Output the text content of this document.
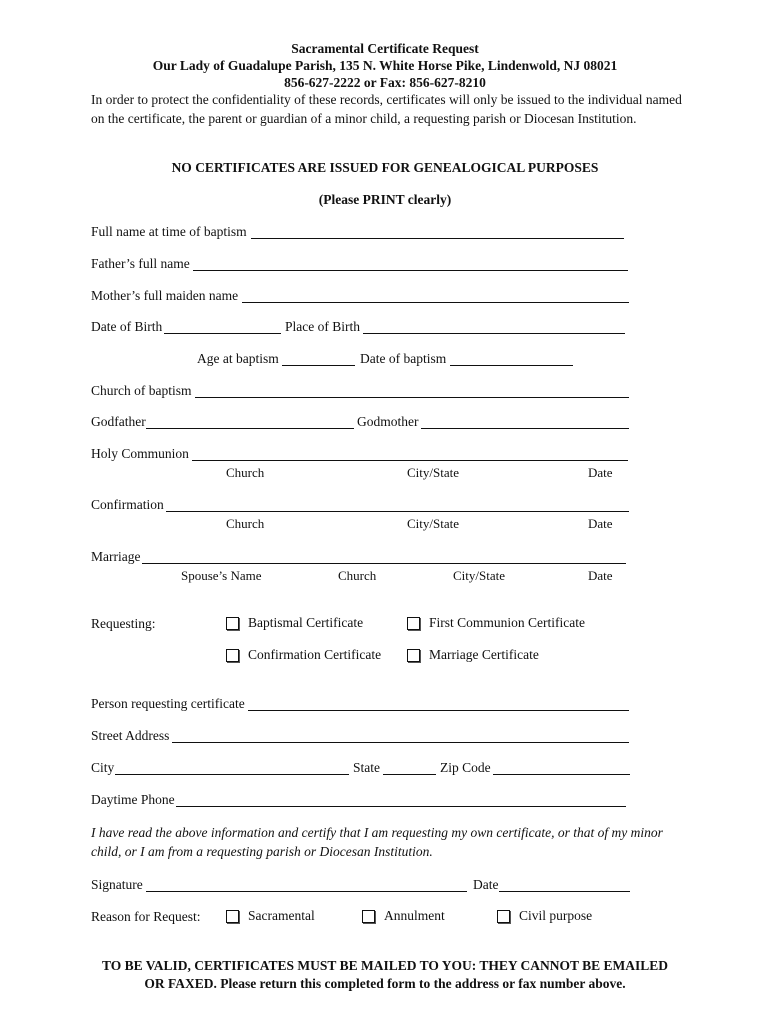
Sacramental Certificate Request
Our Lady of Guadalupe Parish, 135 N. White Horse Pike, Lindenwold, NJ 08021
856-627-2222 or Fax: 856-627-8210
In order to protect the confidentiality of these records, certificates will only be issued to the individual named on the certificate, the parent or guardian of a minor child, a requesting parish or Diocesan Institution.
NO CERTIFICATES ARE ISSUED FOR GENEALOGICAL PURPOSES
(Please PRINT clearly)
Full name at time of baptism
Father’s full name
Mother’s full maiden name
Date of Birth	Place of Birth
Age at baptism	Date of baptism
Church of baptism
Godfather	Godmother
Holy Communion
Church	City/State	Date
Confirmation
Church	City/State	Date
Marriage
Spouse’s Name	Church	City/State	Date
Requesting:	Baptismal Certificate	First Communion Certificate
Confirmation Certificate	Marriage Certificate
Person requesting certificate
Street Address
City	State	Zip Code
Daytime Phone
I have read the above information and certify that I am requesting my own certificate, or that of my minor child, or I am from a requesting parish or Diocesan Institution.
Signature	Date
Reason for Request:	Sacramental	Annulment	Civil purpose
TO BE VALID, CERTIFICATES MUST BE MAILED TO YOU: THEY CANNOT BE EMAILED
OR FAXED. Please return this completed form to the address or fax number above.
